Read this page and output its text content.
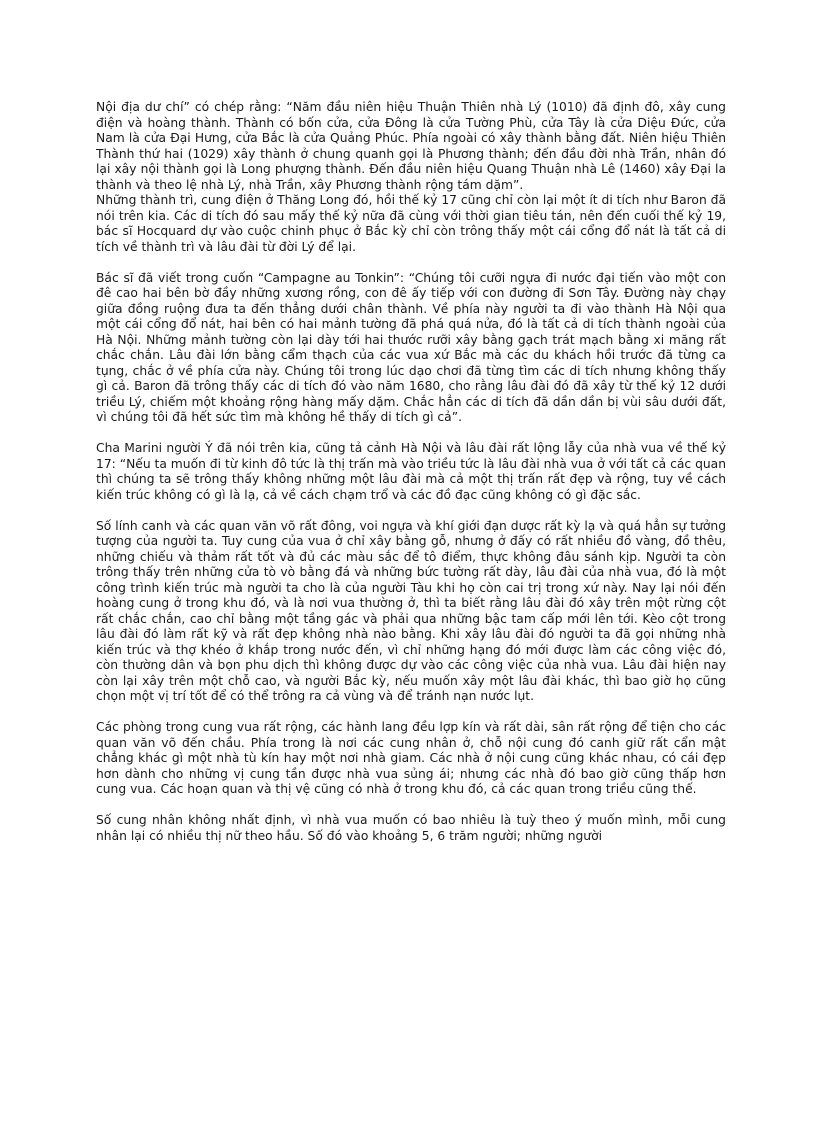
Nội địa dư chí” có chép rằng: “Năm đầu niên hiệu Thuận Thiên nhà Lý (1010) đã định đô, xây cung điện và hoàng thành. Thành có bốn cửa, cửa Đông là cửa Tường Phù, cửa Tây là cửa Diệu Đức, cửa Nam là cửa Đại Hưng, cửa Bắc là cửa Quảng Phúc. Phía ngoài có xây thành bằng đất. Niên hiệu Thiên Thành thứ hai (1029) xây thành ở chung quanh gọi là Phương thành; đến đầu đời nhà Trần, nhân đó lại xây nội thành gọi là Long phượng thành. Đến đầu niên hiệu Quang Thuận nhà Lê (1460) xây Đại la thành và theo lệ nhà Lý, nhà Trần, xây Phương thành rộng tám dặm”.

Những thành trì, cung điện ở Thăng Long đó, hồi thế kỷ 17 cũng chỉ còn lại một ít di tích như Baron đã nói trên kia. Các di tích đó sau mấy thế kỷ nữa đã cùng với thời gian tiêu tán, nên đến cuối thế kỷ 19, bác sĩ Hocquard dự vào cuộc chinh phục ở Bắc kỳ chỉ còn trông thấy một cái cổng đổ nát là tất cả di tích về thành trì và lâu đài từ đời Lý để lại.

Bác sĩ đã viết trong cuốn “Campagne au Tonkin”: “Chúng tôi cưỡi ngựa đi nước đại tiến vào một con đê cao hai bên bờ đầy những xương rồng, con đê ấy tiếp với con đường đi Sơn Tây. Đường này chạy giữa đồng ruộng đưa ta đến thẳng dưới chân thành. Về phía này người ta đi vào thành Hà Nội qua một cái cổng đổ nát, hai bên có hai mảnh tường đã phá quá nửa, đó là tất cả di tích thành ngoài của Hà Nội. Những mảnh tường còn lại dày tới hai thước rưỡi xây bằng gạch trát mạch bằng xi măng rất chắc chắn. Lâu đài lớn bằng cẩm thạch của các vua xứ Bắc mà các du khách hồi trước đã từng ca tụng, chắc ở về phía cửa này. Chúng tôi trong lúc dạo chơi đã từng tìm các di tích nhưng không thấy gì cả. Baron đã trông thấy các di tích đó vào năm 1680, cho rằng lâu đài đó đã xây từ thế kỷ 12 dưới triều Lý, chiếm một khoảng rộng hàng mấy dặm. Chắc hẳn các di tích đã dần dần bị vùi sâu dưới đất, vì chúng tôi đã hết sức tìm mà không hề thấy di tích gì cả”.

Cha Marini người Ý đã nói trên kia, cũng tả cảnh Hà Nội và lâu đài rất lộng lẫy của nhà vua về thế kỷ 17: “Nếu ta muốn đi từ kinh đô tức là thị trấn mà vào triều tức là lâu đài nhà vua ở với tất cả các quan thì chúng ta sẽ trông thấy không những một lâu đài mà cả một thị trấn rất đẹp và rộng, tuy về cách kiến trúc không có gì là lạ, cả về cách chạm trổ và các đồ đạc cũng không có gì đặc sắc.

Số lính canh và các quan văn võ rất đông, voi ngựa và khí giới đạn dược rất kỳ lạ và quá hẳn sự tưởng tượng của người ta. Tuy cung của vua ở chỉ xây bằng gỗ, nhưng ở đấy có rất nhiều đồ vàng, đồ thêu, những chiếu và thảm rất tốt và đủ các màu sắc để tô điểm, thực không đâu sánh kịp. Người ta còn trông thấy trên những cửa tò vò bằng đá và những bức tường rất dày, lâu đài của nhà vua, đó là một công trình kiến trúc mà người ta cho là của người Tàu khi họ còn cai trị trong xứ này. Nay lại nói đến hoàng cung ở trong khu đó, và là nơi vua thường ở, thì ta biết rằng lâu đài đó xây trên một rừng cột rất chắc chắn, cao chỉ bằng một tầng gác và phải qua những bậc tam cấp mới lên tới. Kèo cột trong lâu đài đó làm rất kỹ và rất đẹp không nhà nào bằng. Khi xây lâu đài đó người ta đã gọi những nhà kiến trúc và thợ khéo ở khắp trong nước đến, vì chỉ những hạng đó mới được làm các công việc đó, còn thường dân và bọn phu dịch thì không được dự vào các công việc của nhà vua. Lâu đài hiện nay còn lại xây trên một chỗ cao, và người Bắc kỳ, nếu muốn xây một lâu đài khác, thì bao giờ họ cũng chọn một vị trí tốt để có thể trông ra cả vùng và để tránh nạn nước lụt.

Các phòng trong cung vua rất rộng, các hành lang đều lợp kín và rất dài, sân rất rộng để tiện cho các quan văn võ đến chầu. Phía trong là nơi các cung nhân ở, chỗ nội cung đó canh giữ rất cẩn mật chẳng khác gì một nhà tù kín hay một nơi nhà giam. Các nhà ở nội cung cũng khác nhau, có cái đẹp hơn dành cho những vị cung tần được nhà vua sủng ái; nhưng các nhà đó bao giờ cũng thấp hơn cung vua. Các hoạn quan và thị vệ cũng có nhà ở trong khu đó, cả các quan trong triều cũng thế.

Số cung nhân không nhất định, vì nhà vua muốn có bao nhiêu là tuỳ theo ý muốn mình, mỗi cung nhân lại có nhiều thị nữ theo hầu. Số đó vào khoảng 5, 6 trăm người; những người
